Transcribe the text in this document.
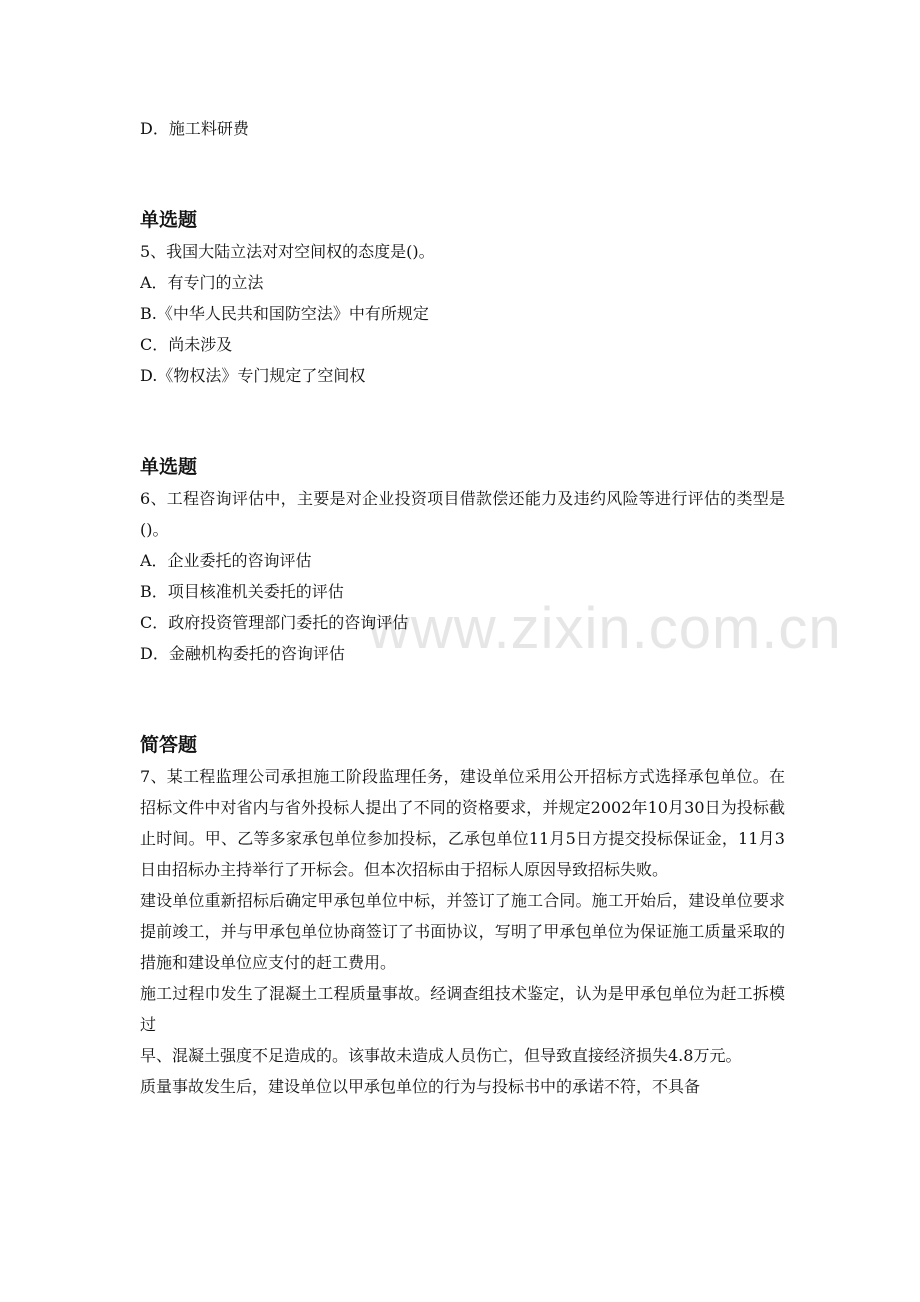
www.zixin.com.cn
D．施工料研费
单选题
5、我国大陆立法对对空间权的态度是()。
A．有专门的立法
B.《中华人民共和国防空法》中有所规定
C．尚未涉及
D.《物权法》专门规定了空间权
单选题
6、工程咨询评估中，主要是对企业投资项目借款偿还能力及违约风险等进行评估的类型是()。
A．企业委托的咨询评估
B．项目核准机关委托的评估
C．政府投资管理部门委托的咨询评估
D．金融机构委托的咨询评估
简答题
7、某工程监理公司承担施工阶段监理任务，建设单位采用公开招标方式选择承包单位。在招标文件中对省内与省外投标人提出了不同的资格要求，并规定2002年10月30日为投标截止时间。甲、乙等多家承包单位参加投标，乙承包单位11月5日方提交投标保证金，11月3日由招标办主持举行了开标会。但本次招标由于招标人原因导致招标失败。
建设单位重新招标后确定甲承包单位中标，并签订了施工合同。施工开始后，建设单位要求提前竣工，并与甲承包单位协商签订了书面协议，写明了甲承包单位为保证施工质量采取的措施和建设单位应支付的赶工费用。
施工过程巾发生了混凝土工程质量事故。经调查组技术鉴定，认为是甲承包单位为赶工拆模过
早、混凝土强度不足造成的。该事故未造成人员伤亡，但导致直接经济损失4.8万元。
质量事故发生后，建设单位以甲承包单位的行为与投标书中的承诺不符，不具备
